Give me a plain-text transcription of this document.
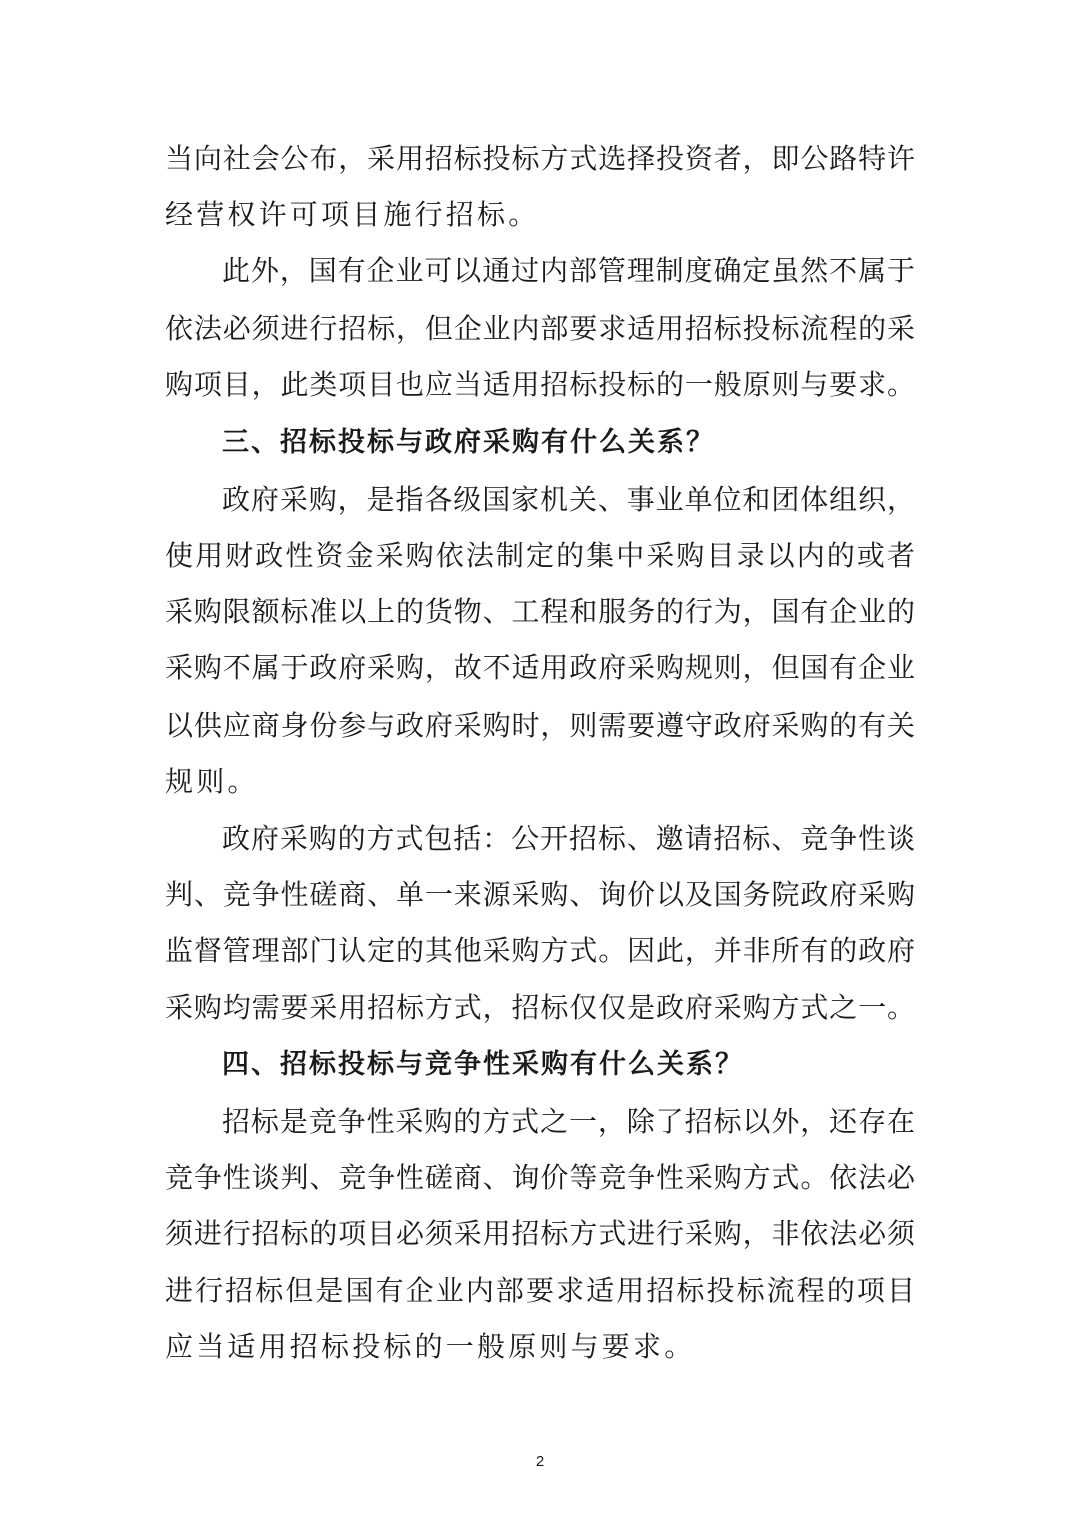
当向社会公布，采用招标投标方式选择投资者，即公路特许
经营权许可项目施行招标。
此外，国有企业可以通过内部管理制度确定虽然不属于
依法必须进行招标，但企业内部要求适用招标投标流程的采
购项目，此类项目也应当适用招标投标的一般原则与要求。
三、招标投标与政府采购有什么关系？
政府采购，是指各级国家机关、事业单位和团体组织，
使用财政性资金采购依法制定的集中采购目录以内的或者
采购限额标准以上的货物、工程和服务的行为，国有企业的
采购不属于政府采购，故不适用政府采购规则，但国有企业
以供应商身份参与政府采购时，则需要遵守政府采购的有关
规则。
政府采购的方式包括：公开招标、邀请招标、竞争性谈
判、竞争性磋商、单一来源采购、询价以及国务院政府采购
监督管理部门认定的其他采购方式。因此，并非所有的政府
采购均需要采用招标方式，招标仅仅是政府采购方式之一。
四、招标投标与竞争性采购有什么关系？
招标是竞争性采购的方式之一，除了招标以外，还存在
竞争性谈判、竞争性磋商、询价等竞争性采购方式。依法必
须进行招标的项目必须采用招标方式进行采购，非依法必须
进行招标但是国有企业内部要求适用招标投标流程的项目
应当适用招标投标的一般原则与要求。
2
